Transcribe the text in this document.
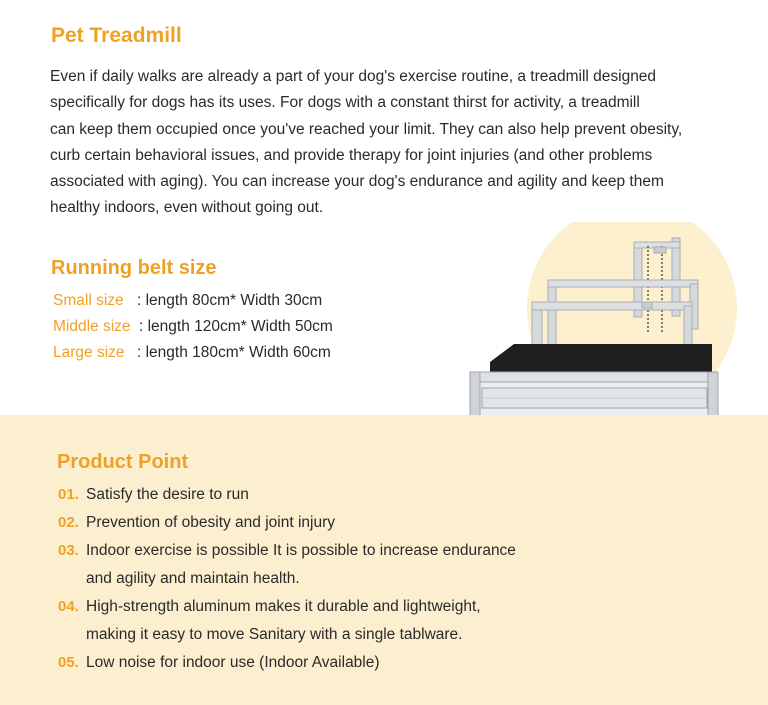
Pet Treadmill
Even if daily walks are already a part of your dog's exercise routine, a treadmill designed
specifically for dogs has its uses. For dogs with a constant thirst for activity, a treadmill
can keep them occupied once you've reached your limit. They can also help prevent obesity,
curb certain behavioral issues, and provide therapy for joint injuries (and other problems
associated with aging). You can increase your dog's endurance and agility and keep them
healthy indoors, even without going out.
Running belt size
Small size : length 80cm* Width 30cm
Middle size : length 120cm* Width 50cm
Large size : length 180cm* Width 60cm
Product Point
01. Satisfy the desire to run
02. Prevention of obesity and joint injury
03. Indoor exercise is possible It is possible to increase endurance
and agility and maintain health.
04. High-strength aluminum makes it durable and lightweight,
making it easy to move Sanitary with a single tablware.
05. Low noise for indoor use (Indoor Available)
